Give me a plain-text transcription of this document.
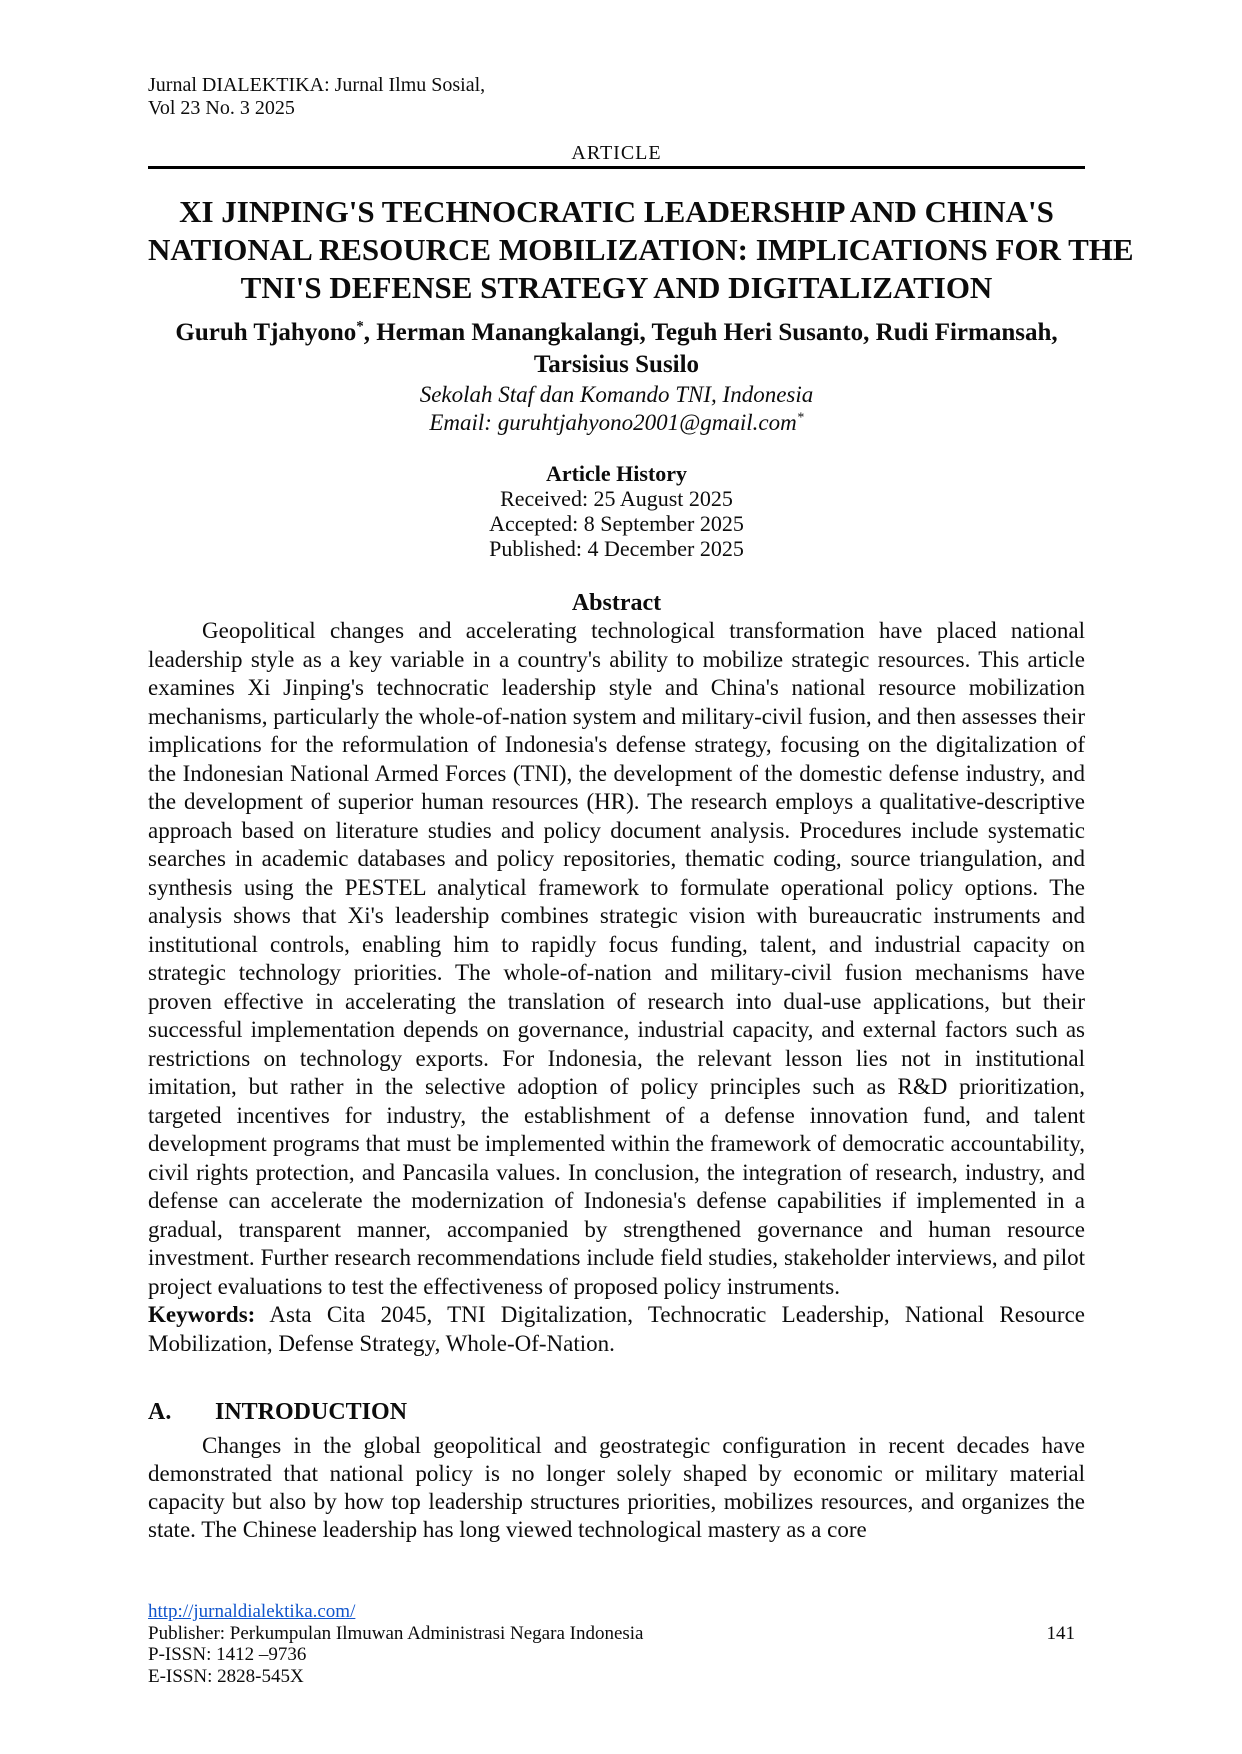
Jurnal DIALEKTIKA: Jurnal Ilmu Sosial,
Vol 23 No. 3 2025
ARTICLE
XI JINPING'S TECHNOCRATIC LEADERSHIP AND CHINA'S
NATIONAL RESOURCE MOBILIZATION: IMPLICATIONS FOR THE
TNI'S DEFENSE STRATEGY AND DIGITALIZATION
Guruh Tjahyono*, Herman Manangkalangi, Teguh Heri Susanto, Rudi Firmansah,
Tarsisius Susilo
Sekolah Staf dan Komando TNI, Indonesia
Email: guruhtjahyono2001@gmail.com*
Article History
Received: 25 August 2025
Accepted: 8 September 2025
Published: 4 December 2025
Abstract

Geopolitical changes and accelerating technological transformation have placed national leadership style as a key variable in a country's ability to mobilize strategic resources. This article examines Xi Jinping's technocratic leadership style and China's national resource mobilization mechanisms, particularly the whole-of-nation system and military-civil fusion, and then assesses their implications for the reformulation of Indonesia's defense strategy, focusing on the digitalization of the Indonesian National Armed Forces (TNI), the development of the domestic defense industry, and the development of superior human resources (HR). The research employs a qualitative-descriptive approach based on literature studies and policy document analysis. Procedures include systematic searches in academic databases and policy repositories, thematic coding, source triangulation, and synthesis using the PESTEL analytical framework to formulate operational policy options. The analysis shows that Xi's leadership combines strategic vision with bureaucratic instruments and institutional controls, enabling him to rapidly focus funding, talent, and industrial capacity on strategic technology priorities. The whole-of-nation and military-civil fusion mechanisms have proven effective in accelerating the translation of research into dual-use applications, but their successful implementation depends on governance, industrial capacity, and external factors such as restrictions on technology exports. For Indonesia, the relevant lesson lies not in institutional imitation, but rather in the selective adoption of policy principles such as R&D prioritization, targeted incentives for industry, the establishment of a defense innovation fund, and talent development programs that must be implemented within the framework of democratic accountability, civil rights protection, and Pancasila values. In conclusion, the integration of research, industry, and defense can accelerate the modernization of Indonesia's defense capabilities if implemented in a gradual, transparent manner, accompanied by strengthened governance and human resource investment. Further research recommendations include field studies, stakeholder interviews, and pilot project evaluations to test the effectiveness of proposed policy instruments.

Keywords: Asta Cita 2045, TNI Digitalization, Technocratic Leadership, National Resource Mobilization, Defense Strategy, Whole-Of-Nation.

A. INTRODUCTION

Changes in the global geopolitical and geostrategic configuration in recent decades have demonstrated that national policy is no longer solely shaped by economic or military material capacity but also by how top leadership structures priorities, mobilizes resources, and organizes the state. The Chinese leadership has long viewed technological mastery as a core

http://jurnaldialektika.com/
Publisher: Perkumpulan Ilmuwan Administrasi Negara Indonesia	141
P-ISSN: 1412 –9736
E-ISSN: 2828-545X
